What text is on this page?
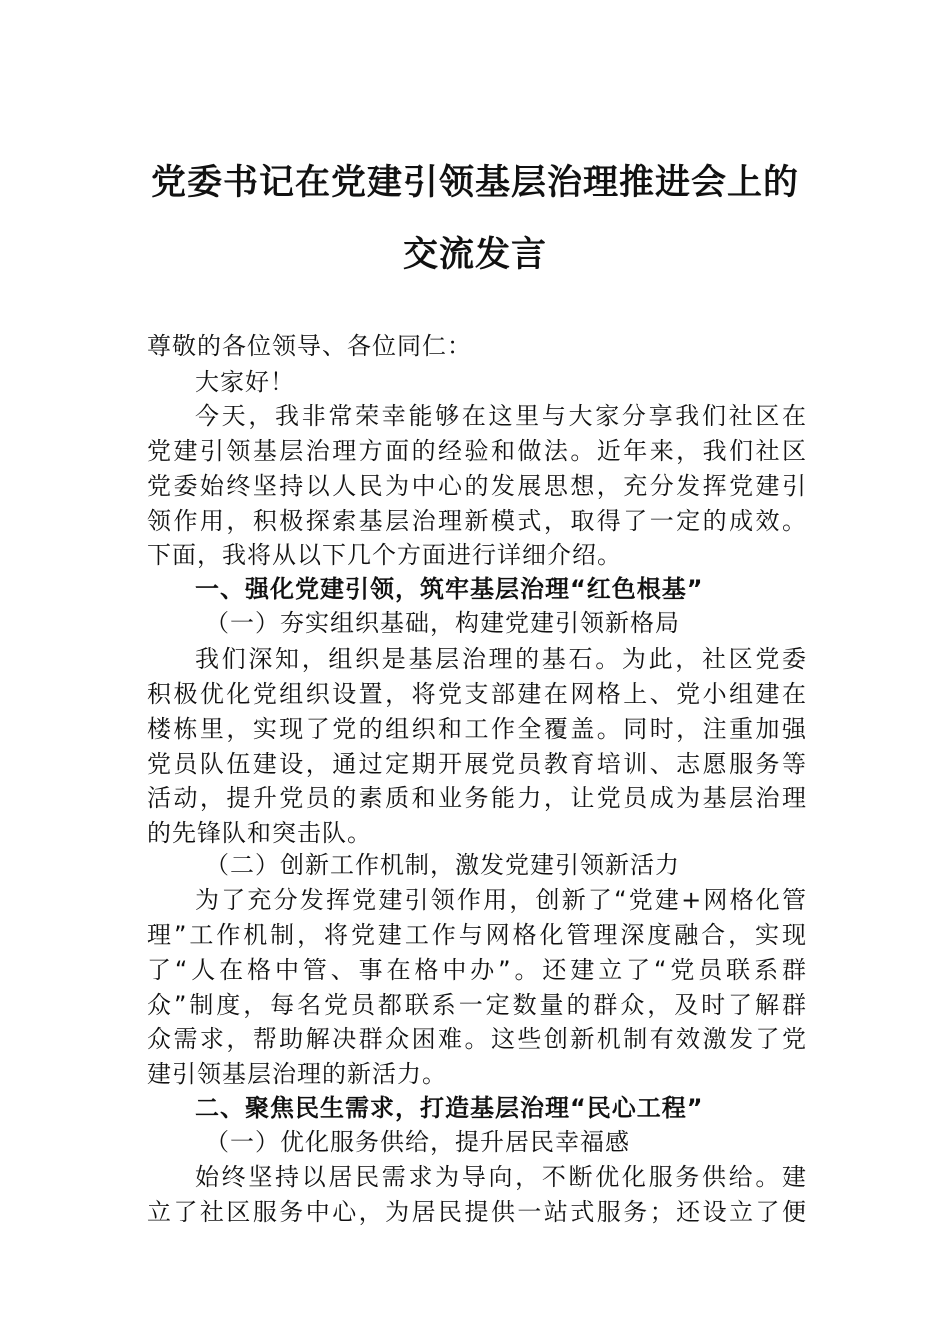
党委书记在党建引领基层治理推进会上的
交流发言
尊敬的各位领导、各位同仁：
大家好！
今天，我非常荣幸能够在这里与大家分享我们社区在
党建引领基层治理方面的经验和做法。近年来，我们社区
党委始终坚持以人民为中心的发展思想，充分发挥党建引
领作用，积极探索基层治理新模式，取得了一定的成效。
下面，我将从以下几个方面进行详细介绍。
一、强化党建引领，筑牢基层治理“红色根基”
（一）夯实组织基础，构建党建引领新格局
我们深知，组织是基层治理的基石。为此，社区党委
积极优化党组织设置，将党支部建在网格上、党小组建在
楼栋里，实现了党的组织和工作全覆盖。同时，注重加强
党员队伍建设，通过定期开展党员教育培训、志愿服务等
活动，提升党员的素质和业务能力，让党员成为基层治理
的先锋队和突击队。
（二）创新工作机制，激发党建引领新活力
为了充分发挥党建引领作用，创新了“党建+网格化管
理”工作机制，将党建工作与网格化管理深度融合，实现
了“人在格中管、事在格中办”。还建立了“党员联系群
众”制度，每名党员都联系一定数量的群众，及时了解群
众需求，帮助解决群众困难。这些创新机制有效激发了党
建引领基层治理的新活力。
二、聚焦民生需求，打造基层治理“民心工程”
（一）优化服务供给，提升居民幸福感
始终坚持以居民需求为导向，不断优化服务供给。建
立了社区服务中心，为居民提供一站式服务；还设立了便
